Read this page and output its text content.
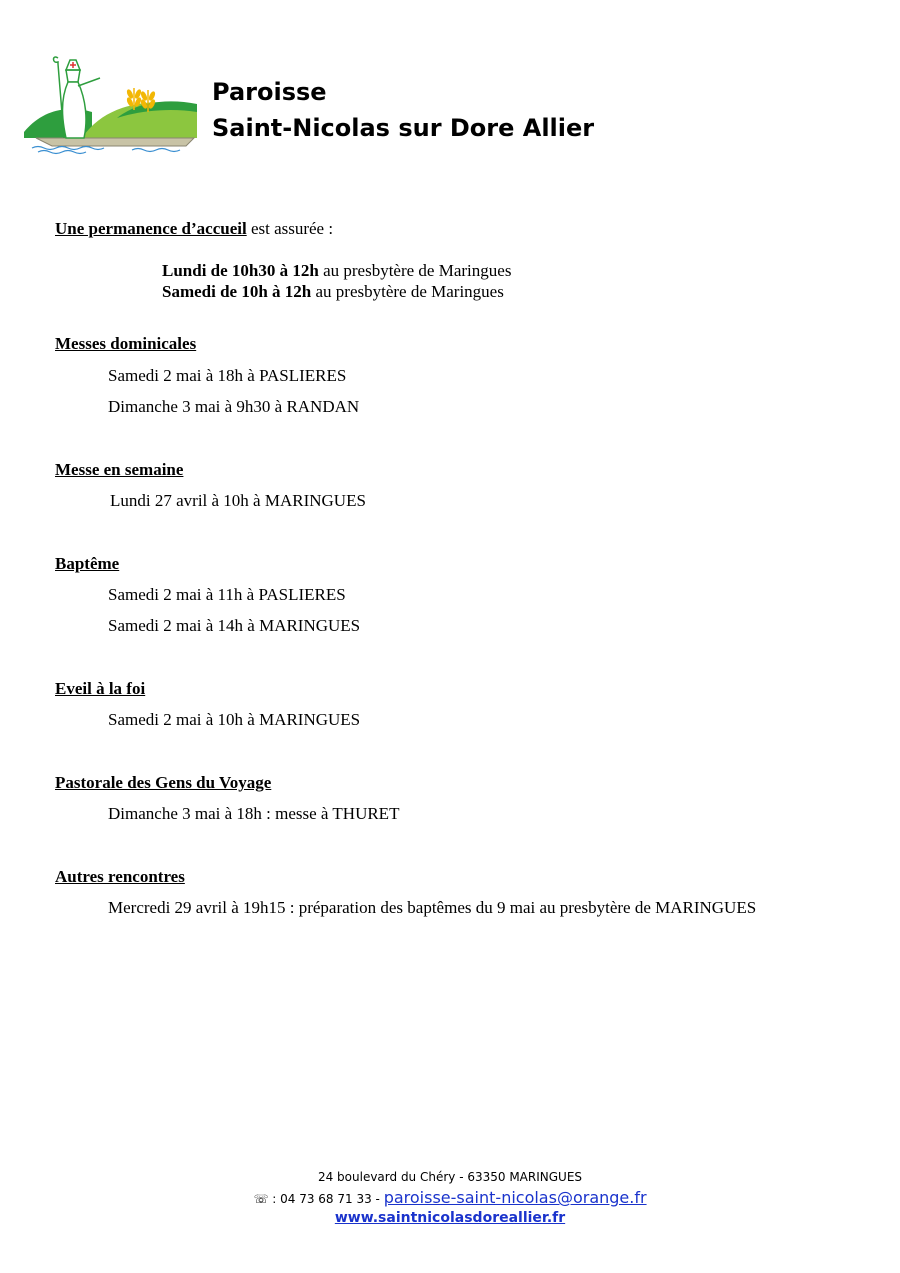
Paroisse
Saint-Nicolas sur Dore Allier
Une permanence d’accueil est assurée :
Lundi de 10h30 à 12h au presbytère de Maringues
Samedi de 10h à 12h au presbytère de Maringues
Messes dominicales
Samedi 2 mai à 18h à PASLIERES
Dimanche 3 mai à 9h30 à RANDAN
Messe en semaine
Lundi 27 avril à 10h à MARINGUES
Baptême
Samedi 2 mai à 11h à PASLIERES
Samedi 2 mai à 14h à MARINGUES
Eveil à la foi
Samedi 2 mai à 10h à MARINGUES
Pastorale des Gens du Voyage
Dimanche 3 mai à 18h : messe à THURET
Autres rencontres
Mercredi 29 avril à 19h15 : préparation des baptêmes du 9 mai au presbytère de MARINGUES
24 boulevard du Chéry - 63350 MARINGUES
☏ : 04 73 68 71 33 - paroisse-saint-nicolas@orange.fr
www.saintnicolasdoreallier.fr
